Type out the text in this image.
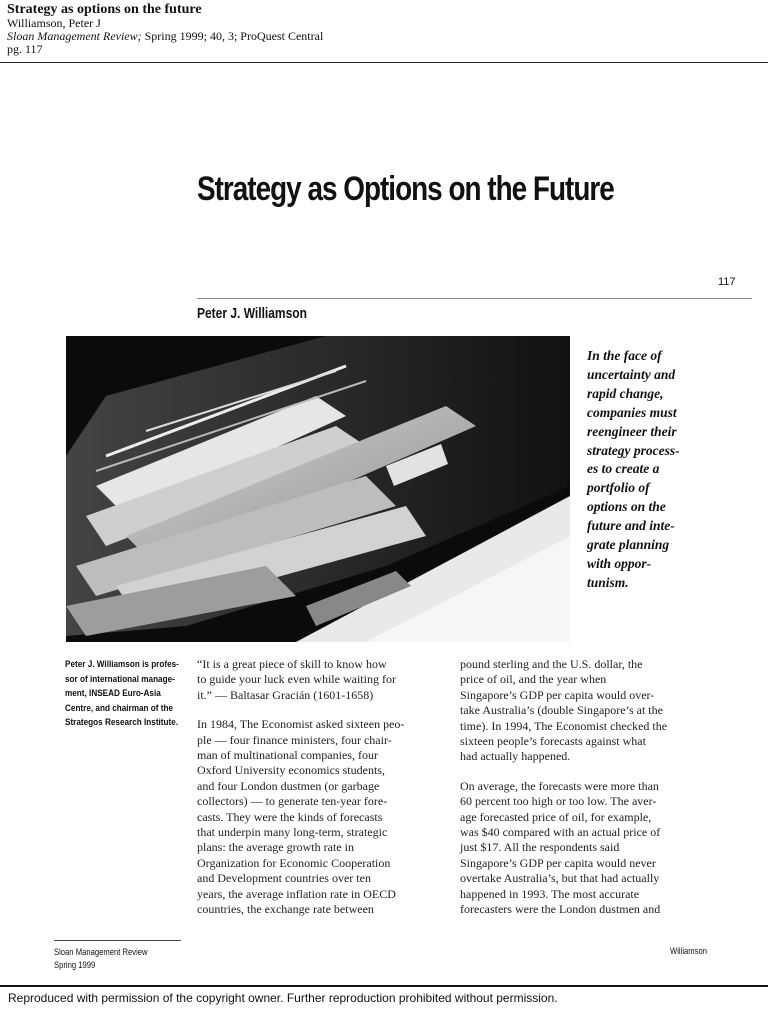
Strategy as options on the future
Williamson, Peter J
Sloan Management Review; Spring 1999; 40, 3; ProQuest Central
pg. 117
Strategy as Options on the Future
117
Peter J. Williamson
In the face of
uncertainty and
rapid change,
companies must
reengineer their
strategy process-
es to create a
portfolio of
options on the
future and inte-
grate planning
with oppor-
tunism.
Peter J. Williamson is profes-
sor of international manage-
ment, INSEAD Euro-Asia
Centre, and chairman of the
Strategos Research Institute.

“It is a great piece of skill to know how
to guide your luck even while waiting for
it.” — Baltasar Gracián (1601-1658)

In 1984, The Economist asked sixteen peo-
ple — four finance ministers, four chair-
man of multinational companies, four
Oxford University economics students,
and four London dustmen (or garbage
collectors) — to generate ten-year fore-
casts. They were the kinds of forecasts
that underpin many long-term, strategic
plans: the average growth rate in
Organization for Economic Cooperation
and Development countries over ten
years, the average inflation rate in OECD
countries, the exchange rate between

pound sterling and the U.S. dollar, the
price of oil, and the year when
Singapore’s GDP per capita would over-
take Australia’s (double Singapore’s at the
time). In 1994, The Economist checked the
sixteen people’s forecasts against what
had actually happened.

On average, the forecasts were more than
60 percent too high or too low. The aver-
age forecasted price of oil, for example,
was $40 compared with an actual price of
just $17. All the respondents said
Singapore’s GDP per capita would never
overtake Australia’s, but that had actually
happened in 1993. The most accurate
forecasters were the London dustmen and

Sloan Management Review
Spring 1999
Williamson
Reproduced with permission of the copyright owner. Further reproduction prohibited without permission.
